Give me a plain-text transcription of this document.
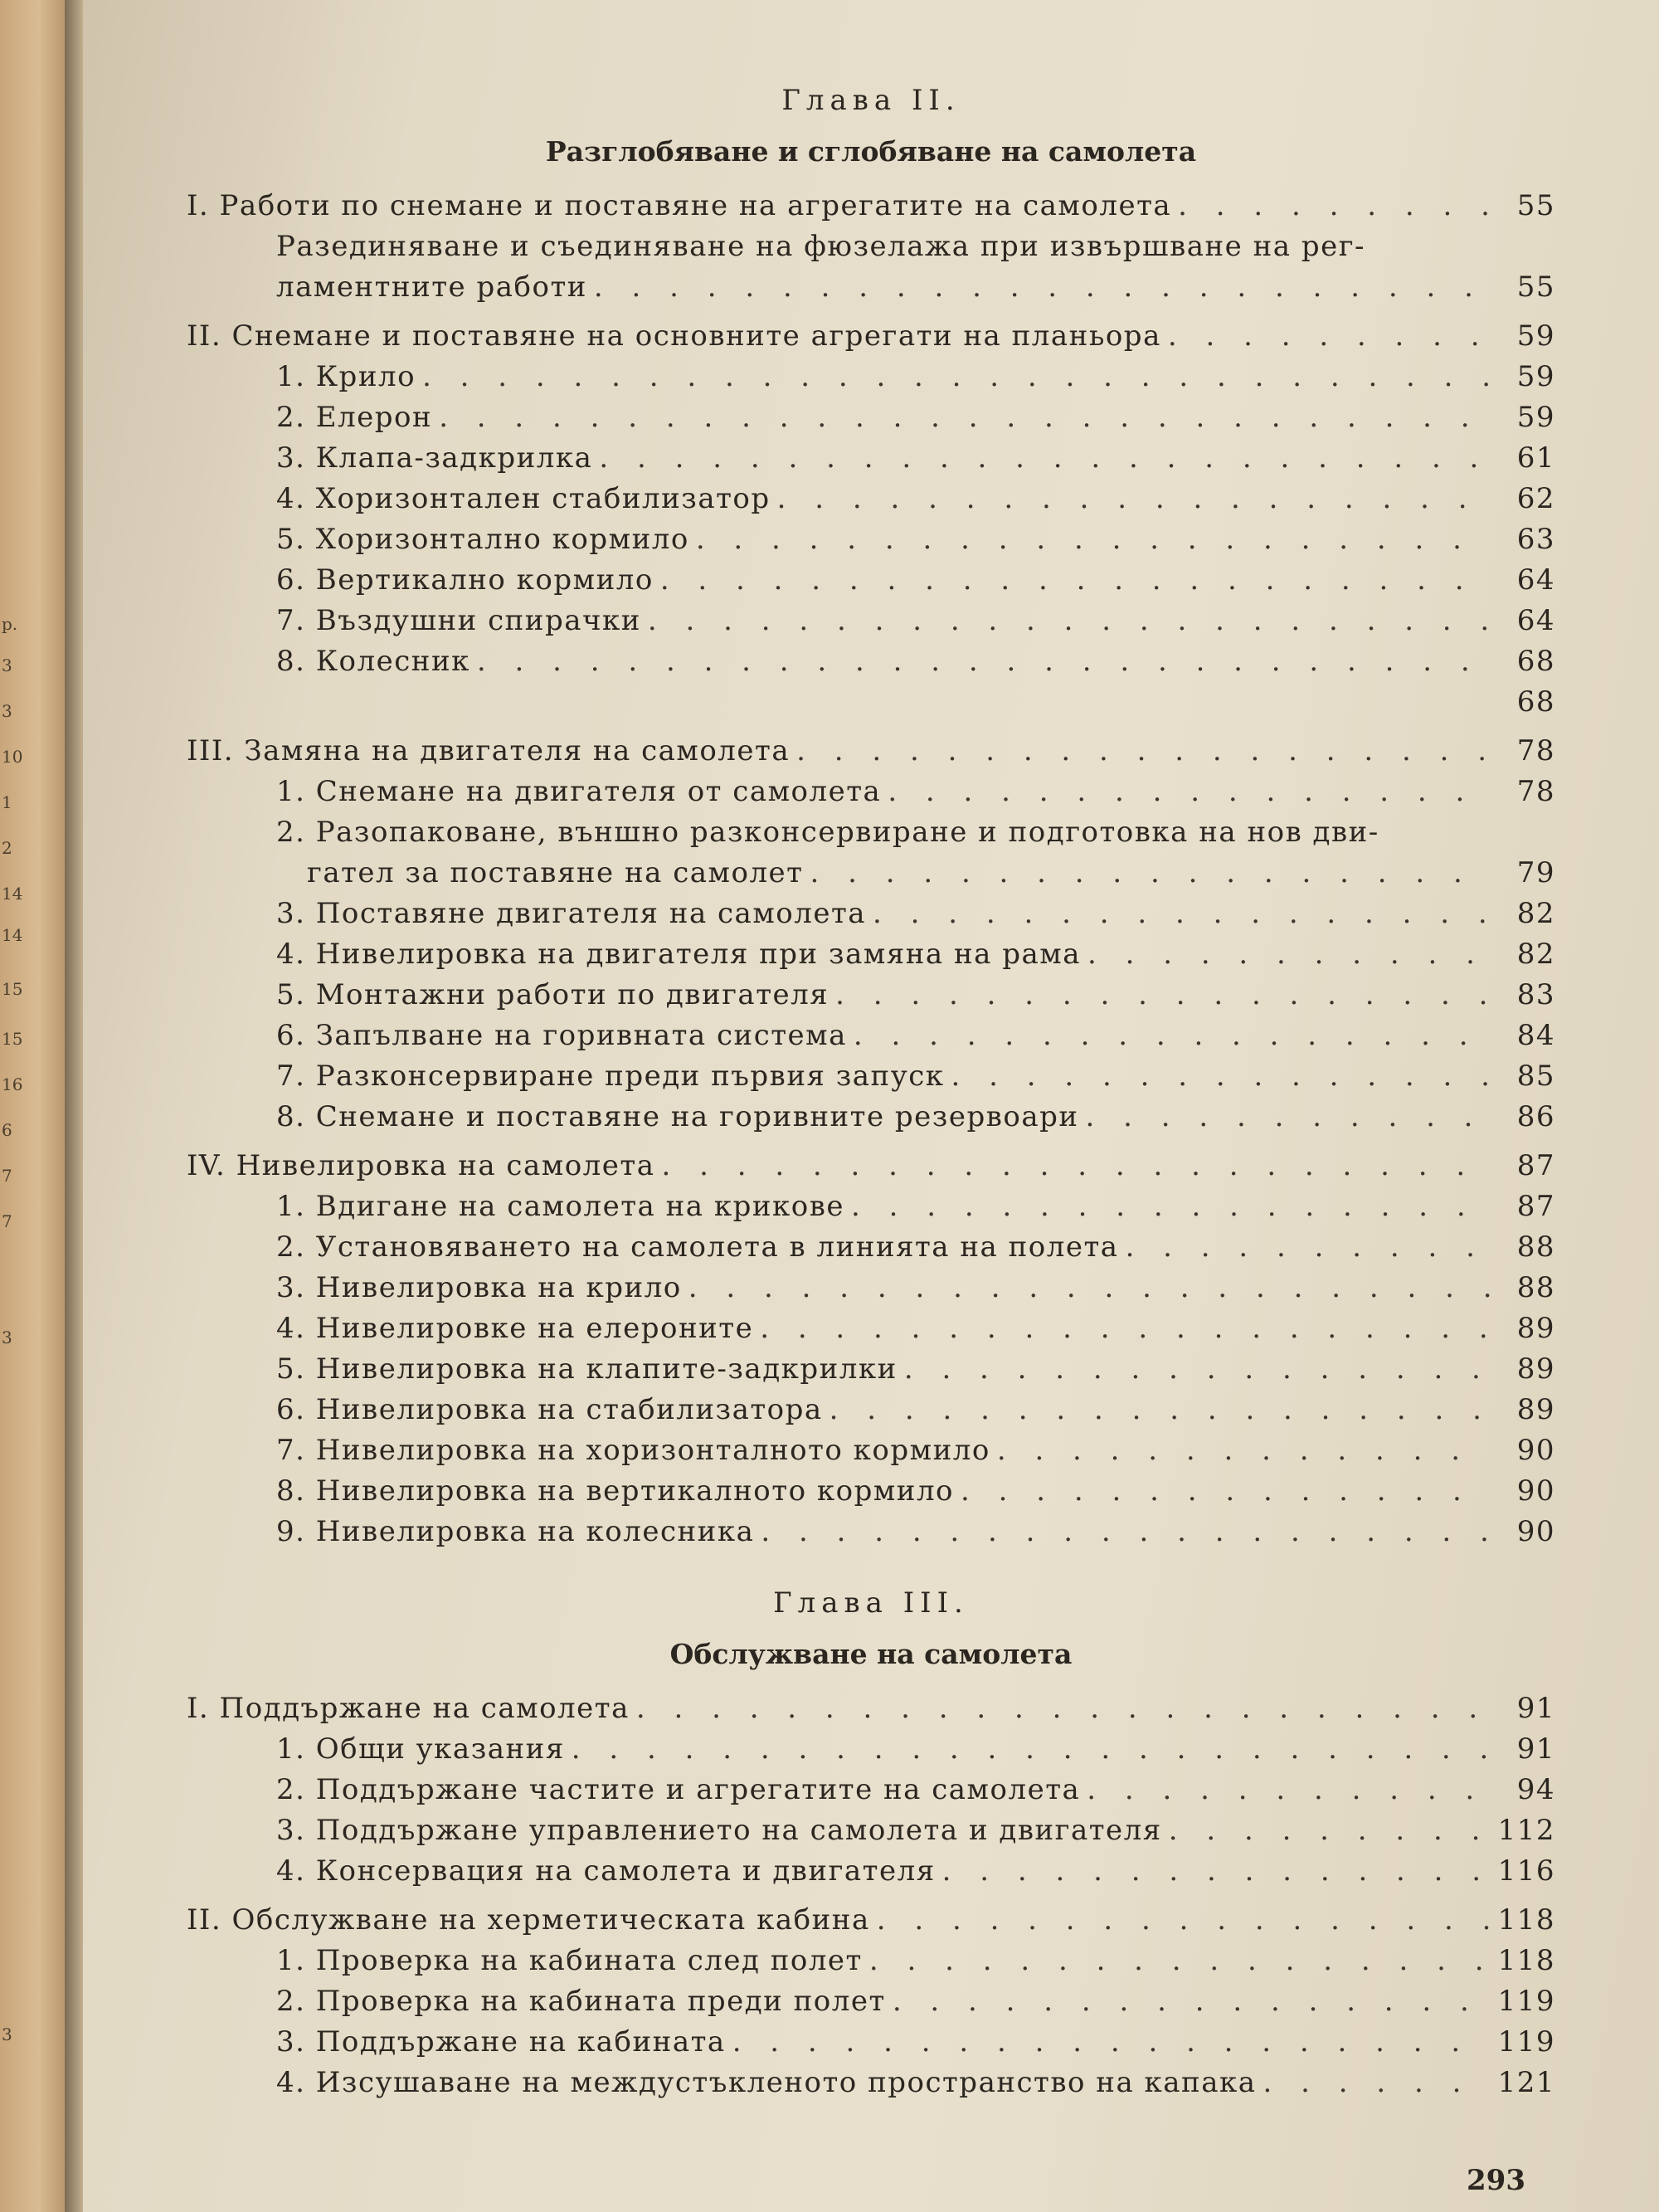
р.
3
3
10
1
2
14
14
15
15
16
6
7
7
3
3
Глава II.
Разглобяване и сглобяване на самолета
I. Работи по снемане и поставяне на агрегатите на самолета . . .	55
Разединяване и съединяване на фюзелажа при извършване на рег-
ламентните работи . . .	55
II. Снемане и поставяне на основните агрегати на планьора . . .	59
1. Крило . . .	59
2. Елерон . . .	59
3. Клапа-задкрилка . . .	61
4. Хоризонтален стабилизатор . . .	62
5. Хоризонтално кормило . . .	63
6. Вертикално кормило . . .	64
7. Въздушни спирачки . . .	64
8. Колесник . . .	68
68
III. Замяна на двигателя на самолета . . .	78
1. Снемане на двигателя от самолета . . .	78
2. Разопаковане, външно разконсервиране и подготовка на нов дви-
гател за поставяне на самолет . . .	79
3. Поставяне двигателя на самолета . . .	82
4. Нивелировка на двигателя при замяна на рама . . .	82
5. Монтажни работи по двигателя . . .	83
6. Запълване на горивната система . . .	84
7. Разконсервиране преди първия запуск . . .	85
8. Снемане и поставяне на горивните резервоари . . .	86
IV. Нивелировка на самолета . . .	87
1. Вдигане на самолета на крикове . . .	87
2. Установяването на самолета в линията на полета . . .	88
3. Нивелировка на крило . . .	88
4. Нивелировке на елероните . . .	89
5. Нивелировка на клапите-задкрилки . . .	89
6. Нивелировка на стабилизатора . . .	89
7. Нивелировка на хоризонталното кормило . . .	90
8. Нивелировка на вертикалното кормило . . .	90
9. Нивелировка на колесника . . .	90
Глава III.
Обслужване на самолета
I. Поддържане на самолета . . .	91
1. Общи указания . . .	91
2. Поддържане частите и агрегатите на самолета . . .	94
3. Поддържане управлението на самолета и двигателя . . .	112
4. Консервация на самолета и двигателя . . .	116
II. Обслужване на херметическата кабина . . .	118
1. Проверка на кабината след полет . . .	118
2. Проверка на кабината преди полет . . .	119
3. Поддържане на кабината . . .	119
4. Изсушаване на междустъкленото пространство на капака . . .	121
293
